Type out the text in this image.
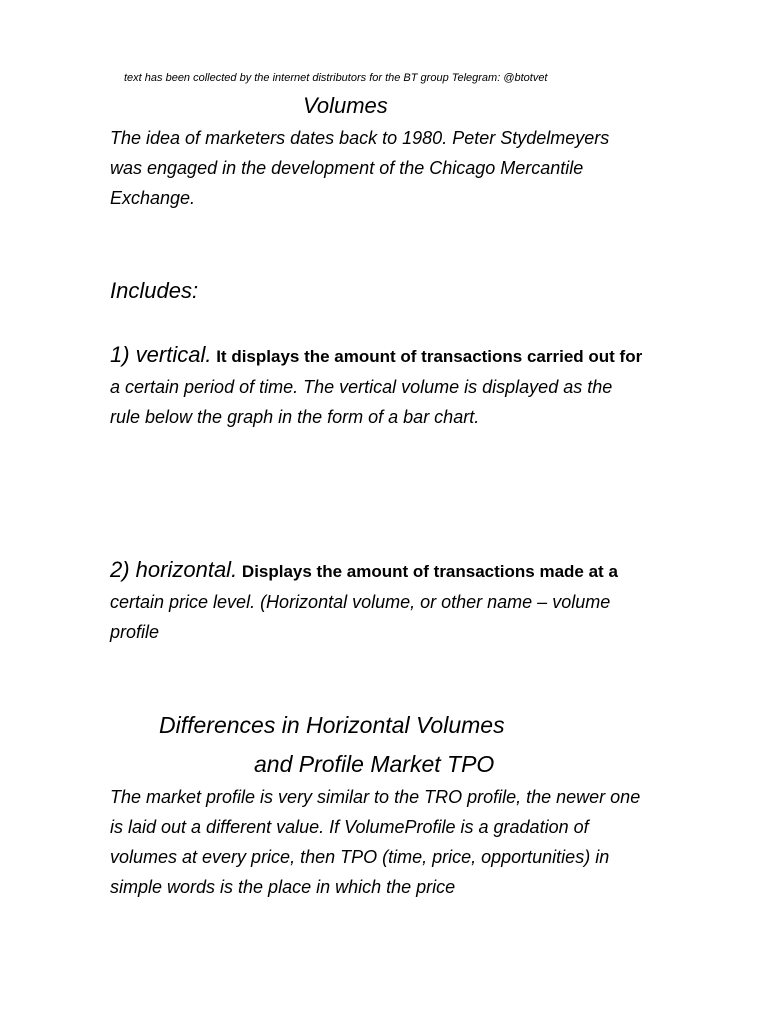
text has been collected by the internet distributors for the BT group Telegram: @btotvet
Volumes

The idea of marketers dates back to 1980. Peter Stydelmeyers

was engaged in the development of the Chicago Mercantile

Exchange.

Includes:

1) vertical. It displays the amount of transactions carried out for

a certain period of time. The vertical volume is displayed as the

rule below the graph in the form of a bar chart.

2) horizontal. Displays the amount of transactions made at a

certain price level. (Horizontal volume, or other name – volume

profile

Differences in Horizontal Volumes
and Profile Market TPO

The market profile is very similar to the TRO profile, the newer one

is laid out a different value. If VolumeProfile is a gradation of

volumes at every price, then TPO (time, price, opportunities) in

simple words is the place in which the price
